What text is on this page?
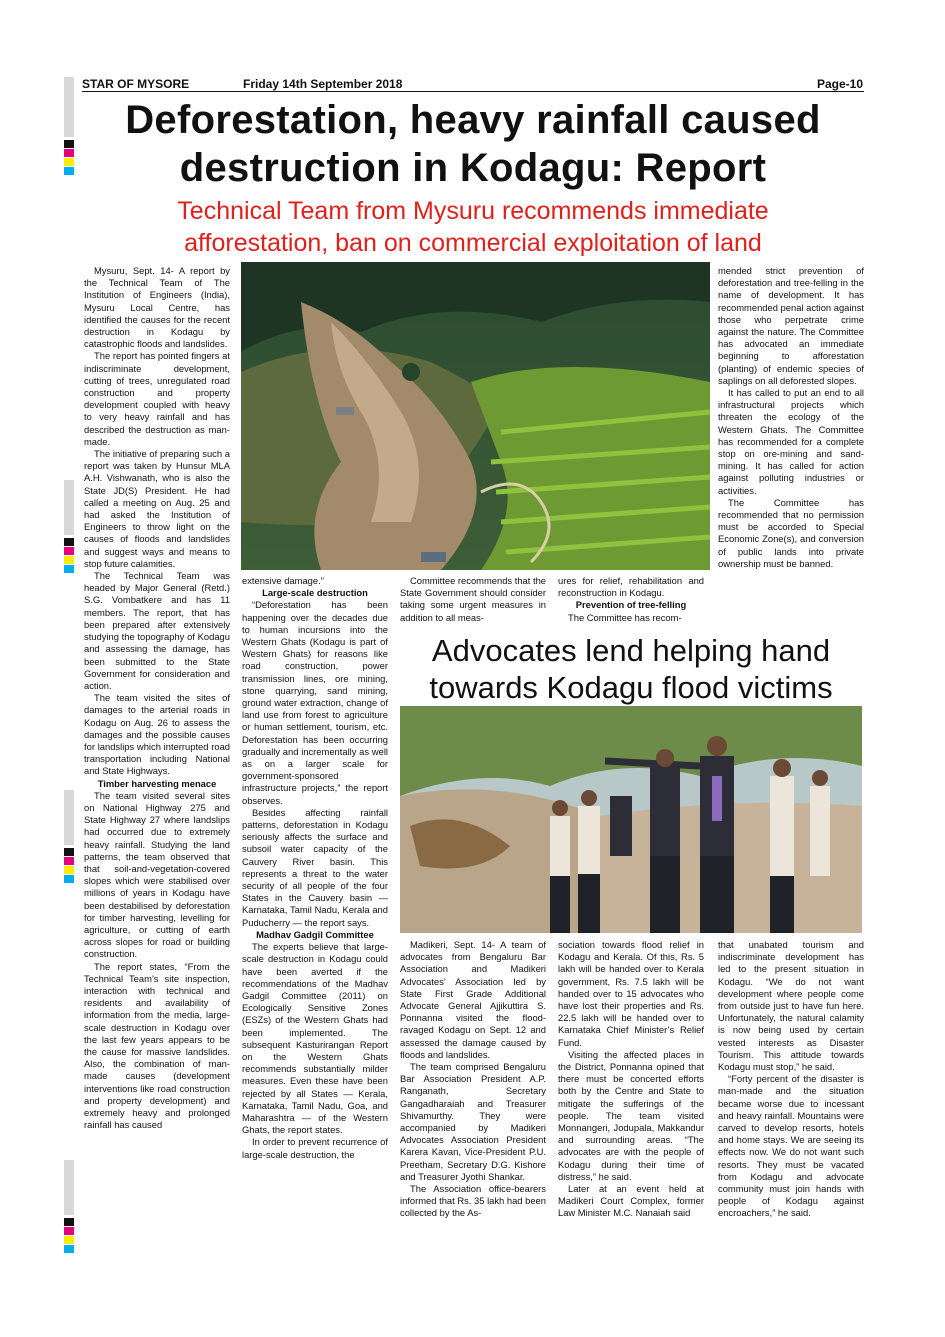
STAR OF MYSORE	Friday 14th September 2018	Page-10
Deforestation, heavy rainfall caused
destruction in Kodagu: Report
Technical Team from Mysuru recommends immediate
afforestation, ban on commercial exploitation of land

Mysuru, Sept. 14- A report by the Technical Team of The Institution of Engineers (India), Mysuru Local Centre, has identified the causes for the recent destruction in Kodagu by catastrophic floods and landslides.

The report has pointed fingers at indiscriminate development, cutting of trees, unregulated road construction and property development coupled with heavy to very heavy rainfall and has described the destruction as man-made.

The initiative of preparing such a report was taken by Hunsur MLA A.H. Vishwanath, who is also the State JD(S) President. He had called a meeting on Aug. 25 and had asked the Institution of Engineers to throw light on the causes of floods and landslides and suggest ways and means to stop future calamities.

The Technical Team was headed by Major General (Retd.) S.G. Vombatkere and has 11 members. The report, that has been prepared after extensively studying the topography of Kodagu and assessing the damage, has been submitted to the State Government for consideration and action.

The team visited the sites of damages to the arterial roads in Kodagu on Aug. 26 to assess the damages and the possible causes for landslips which interrupted road transportation including National and State Highways.

Timber harvesting menace

The team visited several sites on National Highway 275 and State Highway 27 where landslips had occurred due to extremely heavy rainfall. Studying the land patterns, the team observed that that soil-and-vegetation-covered slopes which were stabilised over millions of years in Kodagu have been destabilised by deforestation for timber harvesting, levelling for agriculture, or cutting of earth across slopes for road or building construction.

The report states, “From the Technical Team’s site inspection, interaction with technical and residents and availability of information from the media, large-scale destruction in Kodagu over the last few years appears to be the cause for massive landslides. Also, the combination of man-made causes (development interventions like road construction and property development) and extremely heavy and prolonged rainfall has caused

extensive damage.”

Large-scale destruction

“Deforestation has been happening over the decades due to human incursions into the Western Ghats (Kodagu is part of Western Ghats) for reasons like road construction, power transmission lines, ore mining, stone quarrying, sand mining, ground water extraction, change of land use from forest to agriculture or human settlement, tourism, etc. Deforestation has been occurring gradually and incrementally as well as on a larger scale for government-sponsored infrastructure projects,” the report observes.

Besides affecting rainfall patterns, deforestation in Kodagu seriously affects the surface and subsoil water capacity of the Cauvery River basin. This represents a threat to the water security of all people of the four States in the Cauvery basin — Karnataka, Tamil Nadu, Kerala and Puducherry — the report says.

Madhav Gadgil Committee

The experts believe that large-scale destruction in Kodagu could have been averted if the recommendations of the Madhav Gadgil Committee (2011) on Ecologically Sensitive Zones (ESZs) of the Western Ghats had been implemented. The subsequent Kasturirangan Report on the Western Ghats recommends substantially milder measures. Even these have been rejected by all States — Kerala, Karnataka, Tamil Nadu, Goa, and Maharashtra — of the Western Ghats, the report states.

In order to prevent recurrence of large-scale destruction, the

Committee recommends that the State Government should consider taking some urgent measures in addition to all meas-

ures for relief, rehabilitation and reconstruction in Kodagu.

Prevention of tree-felling

The Committee has recom-

mended strict prevention of deforestation and tree-felling in the name of development. It has recommended penal action against those who perpetrate crime against the nature. The Committee has advocated an immediate beginning to afforestation (planting) of endemic species of saplings on all deforested slopes.

It has called to put an end to all infrastructural projects which threaten the ecology of the Western Ghats. The Committee has recommended for a complete stop on ore-mining and sand-mining. It has called for action against polluting industries or activities.

The Committee has recommended that no permission must be accorded to Special Economic Zone(s), and conversion of public lands into private ownership must be banned.

Advocates lend helping hand
towards Kodagu flood victims

Madikeri, Sept. 14- A team of advocates from Bengaluru Bar Association and Madikeri Advocates’ Association led by State First Grade Additional Advocate General Ajjikuttira S. Ponnanna visited the flood-ravaged Kodagu on Sept. 12 and assessed the damage caused by floods and landslides.

The team comprised Bengaluru Bar Association President A.P. Ranganath, Secretary Gangadharaiah and Treasurer Shivamurthy. They were accompanied by Madikeri Advocates Association President Karera Kavan, Vice-President P.U. Preetham, Secretary D.G. Kishore and Treasurer Jyothi Shankar.

The Association office-bearers informed that Rs. 35 lakh had been collected by the As-

sociation towards flood relief in Kodagu and Kerala. Of this, Rs. 5 lakh will be handed over to Kerala government, Rs. 7.5 lakh will be handed over to 15 advocates who have lost their properties and Rs. 22.5 lakh will be handed over to Karnataka Chief Minister’s Relief Fund.

Visiting the affected places in the District, Ponnanna opined that there must be concerted efforts both by the Centre and State to mitigate the sufferings of the people. The team visited Monnangeri, Jodupala, Makkandur and surrounding areas. “The advocates are with the people of Kodagu during their time of distress,” he said.

Later at an event held at Madikeri Court Complex, former Law Minister M.C. Nanaiah said

that unabated tourism and indiscriminate development has led to the present situation in Kodagu. “We do not want development where people come from outside just to have fun here. Unfortunately, the natural calamity is now being used by certain vested interests as Disaster Tourism. This attitude towards Kodagu must stop,” he said.

“Forty percent of the disaster is man-made and the situation became worse due to incessant and heavy rainfall. Mountains were carved to develop resorts, hotels and home stays. We are seeing its effects now. We do not want such resorts. They must be vacated from Kodagu and advocate community must join hands with people of Kodagu against encroachers,” he said.
